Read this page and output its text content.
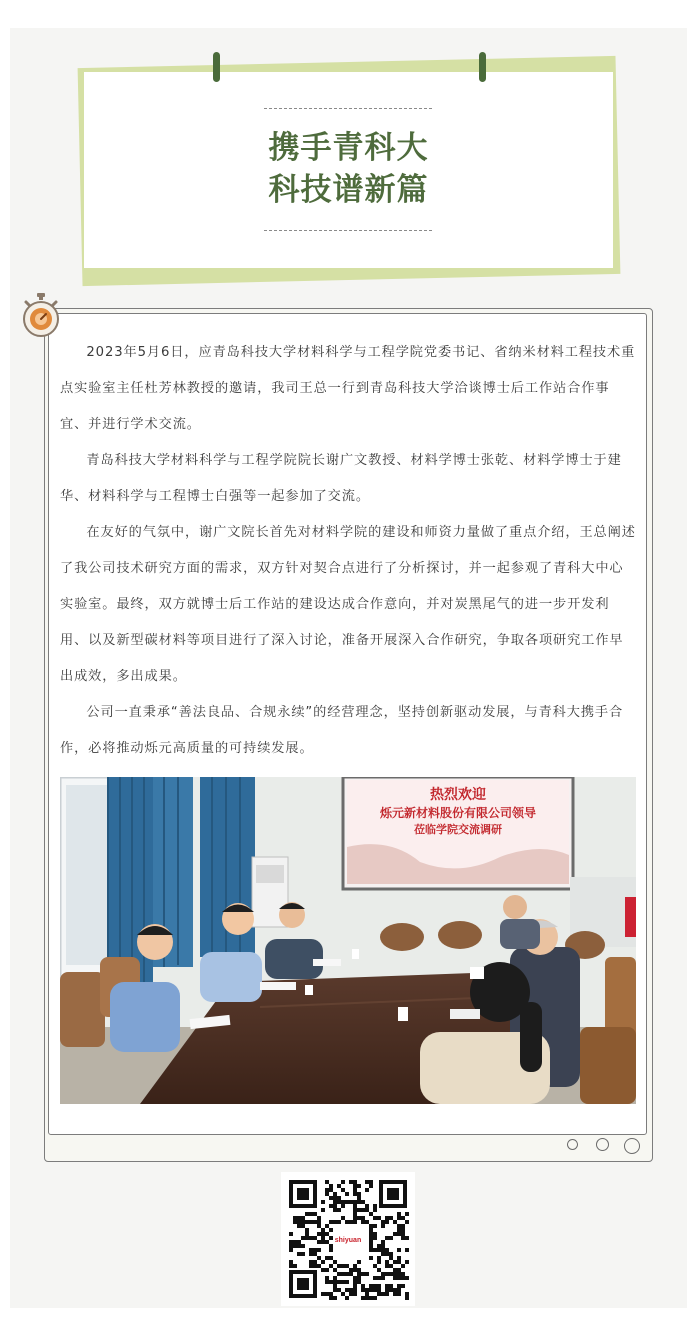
携手青科大
科技谱新篇

2023年5月6日，应青岛科技大学材料科学与工程学院党委书记、省纳米材料工程技术重点实验室主任杜芳林教授的邀请，我司王总一行到青岛科技大学洽谈博士后工作站合作事宜、并进行学术交流。

青岛科技大学材料科学与工程学院院长谢广文教授、材料学博士张乾、材料学博士于建华、材料科学与工程博士白强等一起参加了交流。

在友好的气氛中，谢广文院长首先对材料学院的建设和师资力量做了重点介绍，王总阐述了我公司技术研究方面的需求，双方针对契合点进行了分析探讨，并一起参观了青科大中心实验室。最终，双方就博士后工作站的建设达成合作意向，并对炭黑尾气的进一步开发利用、以及新型碳材料等项目进行了深入讨论，准备开展深入合作研究，争取各项研究工作早出成效，多出成果。

公司一直秉承“善法良品、合规永续”的经营理念，坚持创新驱动发展，与青科大携手合作，必将推动烁元高质量的可持续发展。

热烈欢迎
烁元新材料股份有限公司领导
莅临学院交流调研
shiyuan
